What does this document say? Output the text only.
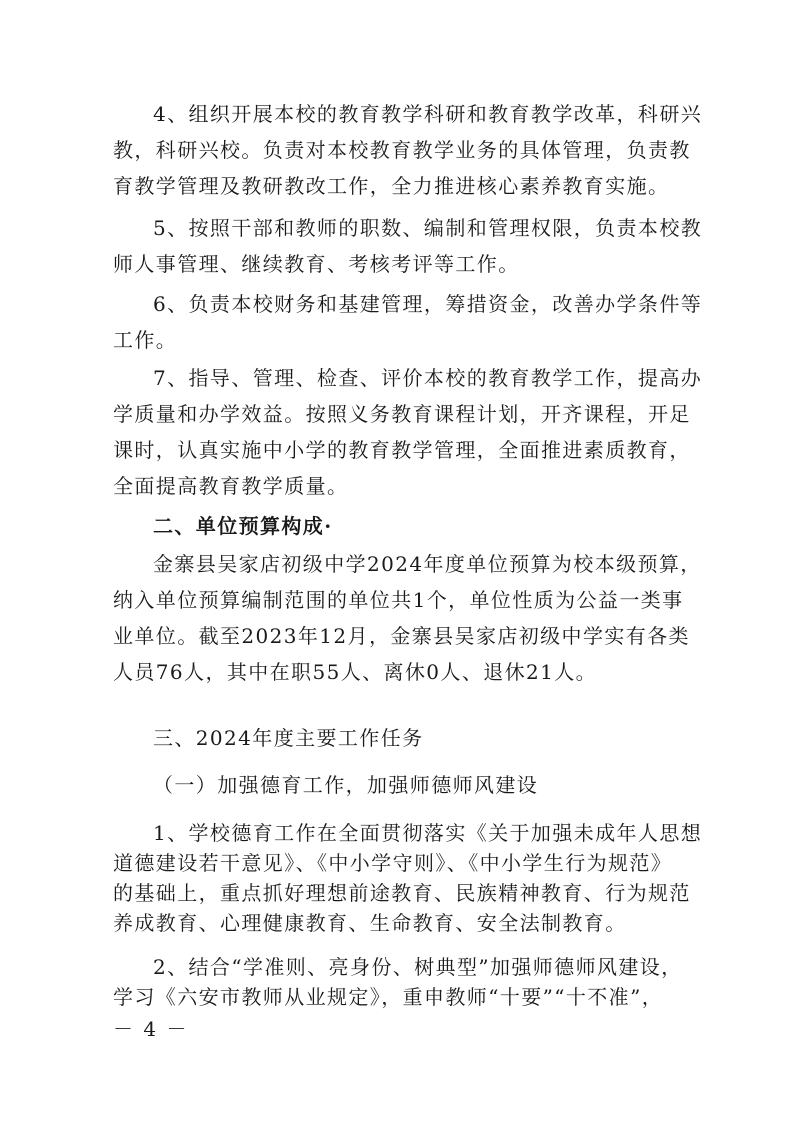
4、组织开展本校的教育教学科研和教育教学改革，科研兴
教，科研兴校。负责对本校教育教学业务的具体管理，负责教
育教学管理及教研教改工作，全力推进核心素养教育实施。
5、按照干部和教师的职数、编制和管理权限，负责本校教
师人事管理、继续教育、考核考评等工作。
6、负责本校财务和基建管理，筹措资金，改善办学条件等
工作。
7、指导、管理、检查、评价本校的教育教学工作，提高办
学质量和办学效益。按照义务教育课程计划，开齐课程，开足
课时，认真实施中小学的教育教学管理，全面推进素质教育，
全面提高教育教学质量。
二、单位预算构成·
金寨县吴家店初级中学2024年度单位预算为校本级预算，
纳入单位预算编制范围的单位共1个，单位性质为公益一类事
业单位。截至2023年12月，金寨县吴家店初级中学实有各类
人员76人，其中在职55人、离休0人、退休21人。
三、2024年度主要工作任务
（一）加强德育工作，加强师德师风建设
1、学校德育工作在全面贯彻落实《关于加强未成年人思想
道德建设若干意见》、《中小学守则》、《中小学生行为规范》
的基础上，重点抓好理想前途教育、民族精神教育、行为规范
养成教育、心理健康教育、生命教育、安全法制教育。
2、结合“学准则、亮身份、树典型”加强师德师风建设，
学习《六安市教师从业规定》，重申教师“十要”“十不准”，
－ 4 －
